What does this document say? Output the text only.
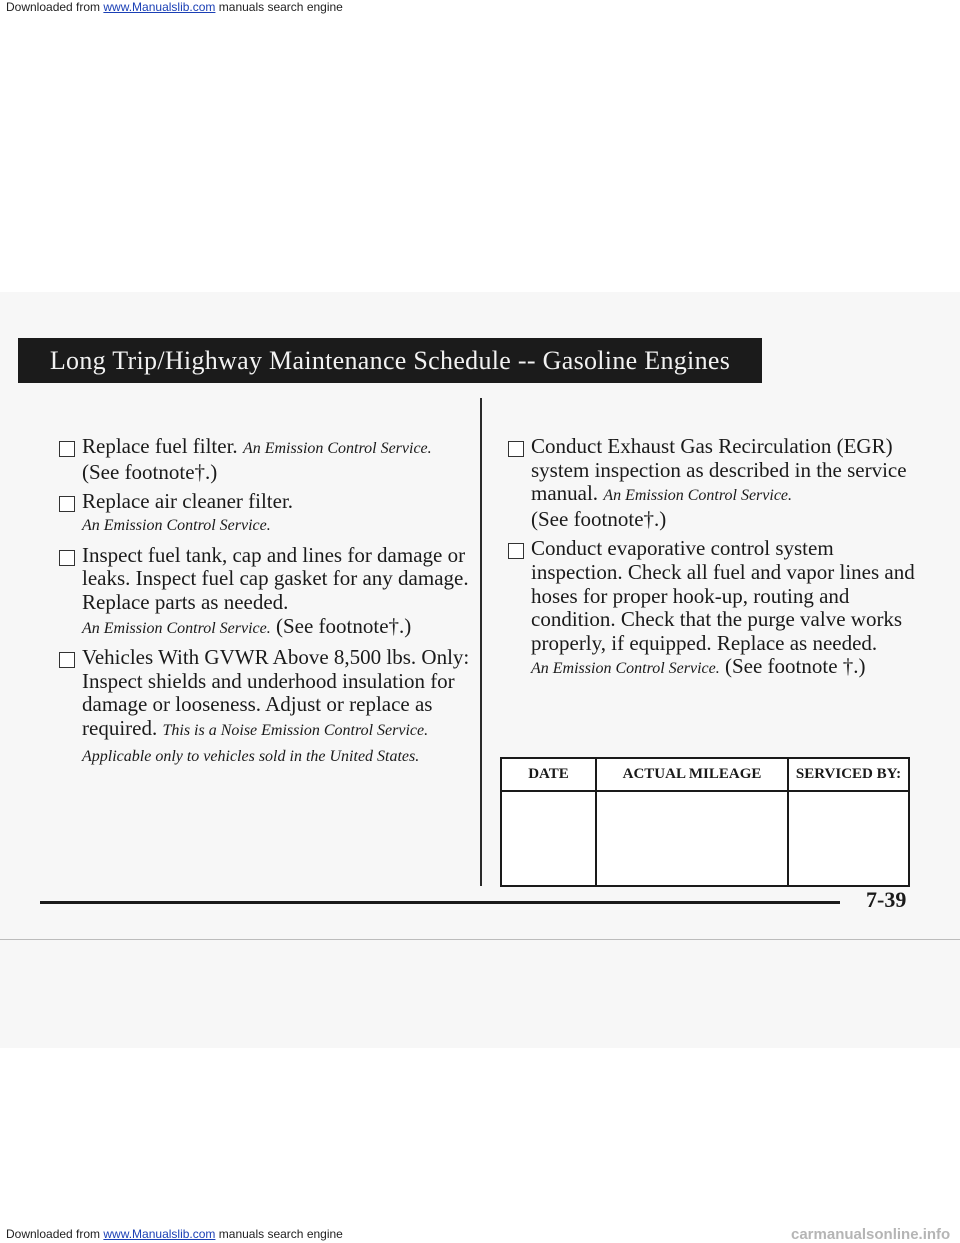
Downloaded from www.Manualslib.com manuals search engine
Long Trip/Highway Maintenance Schedule -- Gasoline Engines
Replace fuel filter. An Emission Control Service.
(See footnote†.)
Replace air cleaner filter.
An Emission Control Service.
Inspect fuel tank, cap and lines for damage or leaks. Inspect fuel cap gasket for any damage. Replace parts as needed.
An Emission Control Service. (See footnote†.)
Vehicles With GVWR Above 8,500 lbs. Only: Inspect shields and underhood insulation for damage or looseness. Adjust or replace as required. This is a Noise Emission Control Service. Applicable only to vehicles sold in the United States.
Conduct Exhaust Gas Recirculation (EGR) system inspection as described in the service manual. An Emission Control Service.
(See footnote†.)
Conduct evaporative control system inspection. Check all fuel and vapor lines and hoses for proper hook-up, routing and condition. Check that the purge valve works properly, if equipped. Replace as needed.
An Emission Control Service. (See footnote †.)
DATE	ACTUAL MILEAGE	SERVICED BY:

7-39
Downloaded from www.Manualslib.com manuals search engine	carmanualsonline.info
